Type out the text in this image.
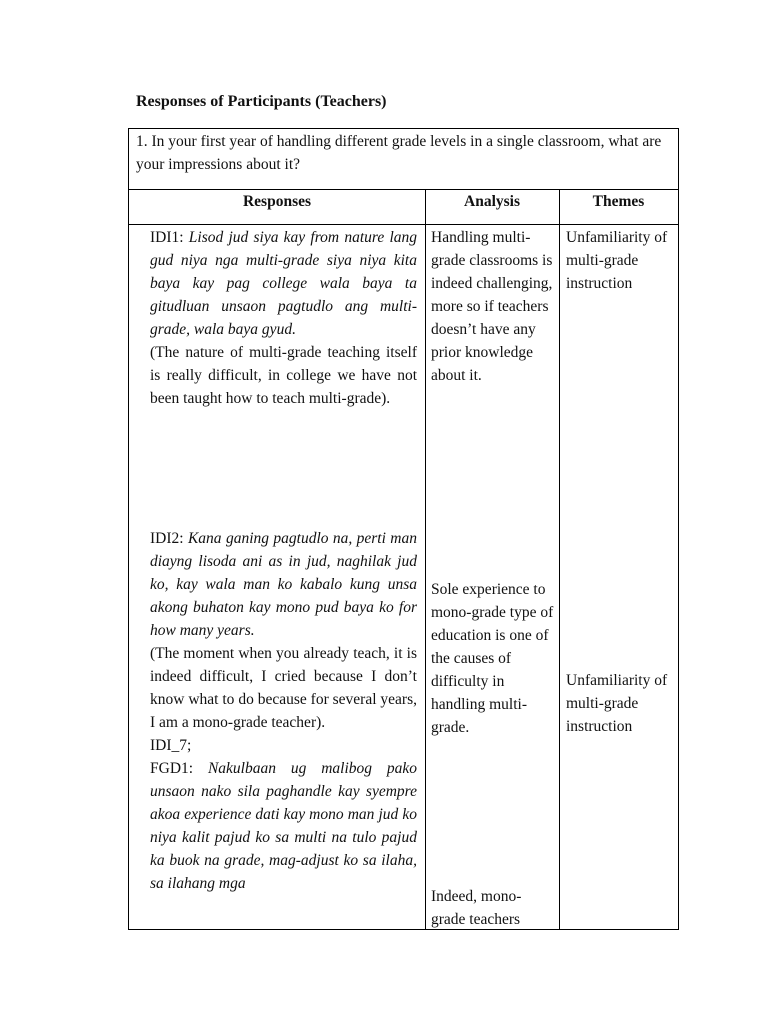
Responses of Participants (Teachers)
1. In your first year of handling different grade levels in a single classroom, what are your impressions about it?
Responses	Analysis	Themes

IDI1: Lisod jud siya kay from nature lang gud niya nga multi-grade siya niya kita baya kay pag college wala baya ta gitudluan unsaon pagtudlo ang multi-grade, wala baya gyud.

(The nature of multi-grade teaching itself is really difficult, in college we have not been taught how to teach multi-grade).

IDI2: Kana ganing pagtudlo na, perti man diayng lisoda ani as in jud, naghilak jud ko, kay wala man ko kabalo kung unsa akong buhaton kay mono pud baya ko for how many years.

(The moment when you already teach, it is indeed difficult, I cried because I don’t know what to do because for several years, I am a mono-grade teacher).

IDI_7;

FGD1: Nakulbaan ug malibog pako unsaon nako sila paghandle kay syempre akoa experience dati kay mono man jud ko niya kalit pajud ko sa multi na tulo pajud ka buok na grade, mag-adjust ko sa ilaha, sa ilahang mga

Handling multi-grade classrooms is indeed challenging, more so if teachers doesn’t have any prior knowledge about it.

Sole experience to mono-grade type of education is one of the causes of difficulty in handling multi-grade.

Indeed, mono-grade teachers

Unfamiliarity of multi-grade instruction

Unfamiliarity of multi-grade instruction
